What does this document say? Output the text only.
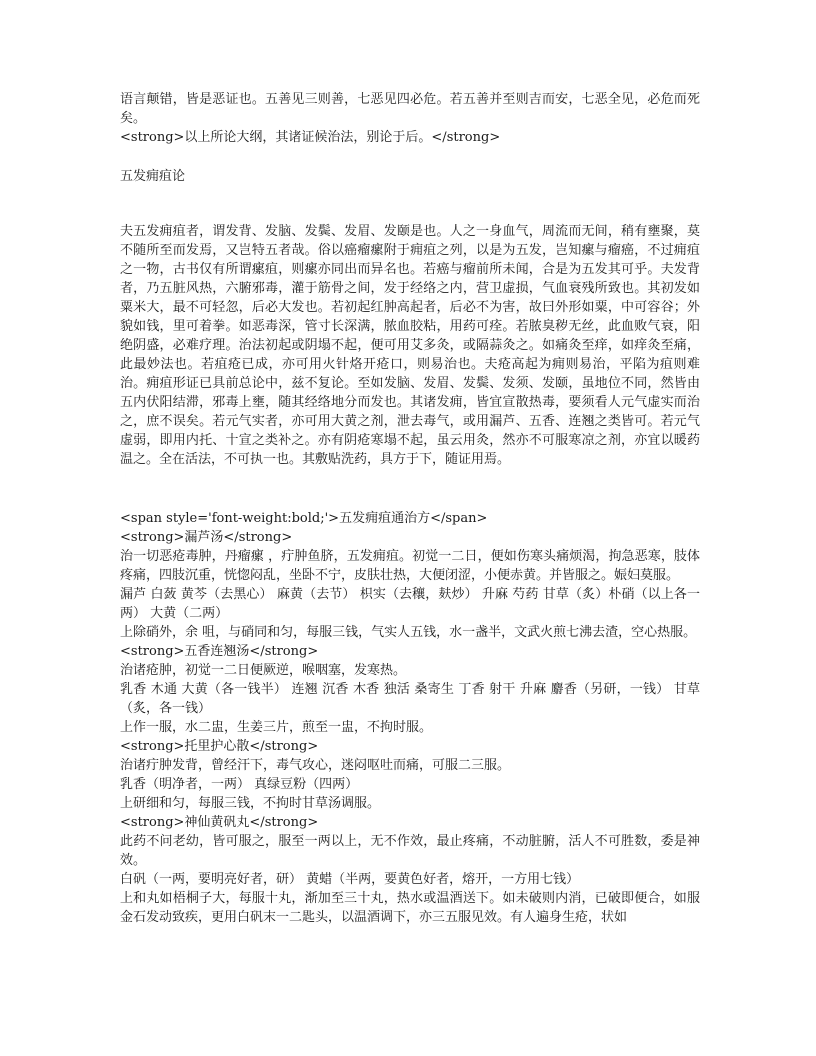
语言颠错，皆是恶证也。五善见三则善，七恶见四必危。若五善并至则吉而安，七恶全见，必危而死矣。

<strong>以上所论大纲，其诸证候治法，别论于后。</strong>

五发痈疽论

夫五发痈疽者，谓发背、发脑、发鬓、发眉、发颐是也。人之一身血气，周流而无间，稍有壅聚，莫不随所至而发焉，又岂特五者哉。俗以癌瘤瘰附于痈疽之列，以是为五发，岂知瘰与瘤癌，不过痈疽之一物，古书仅有所谓瘰疽，则瘰亦同出而异名也。若癌与瘤前所未闻，合是为五发其可乎。夫发背者，乃五脏风热，六腑邪毒，灌于筋骨之间，发于经络之内，营卫虚损，气血衰残所致也。其初发如粟米大，最不可轻忽，后必大发也。若初起红肿高起者，后必不为害，故曰外形如粟，中可容谷；外貌如钱，里可着拳。如恶毒深，管寸长深满，脓血胶粘，用药可痊。若脓臭秽无丝，此血败气衰，阳绝阴盛，必难疗理。治法初起或阴塌不起，便可用艾多灸，或隔蒜灸之。如痛灸至痒，如痒灸至痛，此最妙法也。若疽疮已成，亦可用火针烙开疮口，则易治也。夫疮高起为痈则易治，平陷为疽则难治。痈疽形证已具前总论中，兹不复论。至如发脑、发眉、发鬓、发须、发颐，虽地位不同，然皆由五内伏阳结滞，邪毒上壅，随其经络地分而发也。其诸发痈，皆宜宣散热毒，要须看人元气虚实而治之，庶不误矣。若元气实者，亦可用大黄之剂，泄去毒气，或用漏芦、五香、连翘之类皆可。若元气虚弱，即用内托、十宣之类补之。亦有阴疮寒塌不起，虽云用灸，然亦不可服寒凉之剂，亦宜以暖药温之。全在活法，不可执一也。其敷贴洗药，具方于下，随证用焉。

<span style='font-weight:bold;'>五发痈疽通治方</span>

<strong>漏芦汤</strong>

治一切恶疮毒肿，丹瘤瘰 ，疔肿鱼脐，五发痈疽。初觉一二日，便如伤寒头痛烦渴，拘急恶寒，肢体疼痛，四肢沉重，恍惚闷乱，坐卧不宁，皮肤壮热，大便闭涩，小便赤黄。并皆服之。娠妇莫服。

漏芦 白蔹 黄芩（去黑心） 麻黄（去节） 枳实（去穰，麸炒） 升麻 芍药 甘草（炙）朴硝（以上各一两） 大黄（二两）

上除硝外，余 咀，与硝同和匀，每服三钱，气实人五钱，水一盏半，文武火煎七沸去渣，空心热服。

<strong>五香连翘汤</strong>

治诸疮肿，初觉一二日便厥逆，喉咽塞，发寒热。

乳香 木通 大黄（各一钱半） 连翘 沉香 木香 独活 桑寄生 丁香 射干 升麻 麝香（另研，一钱） 甘草（炙，各一钱）

上作一服，水二盅，生姜三片，煎至一盅，不拘时服。

<strong>托里护心散</strong>

治诸疔肿发背，曾经汗下，毒气攻心，迷闷呕吐而痛，可服二三服。

乳香（明净者，一两） 真绿豆粉（四两）

上研细和匀，每服三钱，不拘时甘草汤调服。

<strong>神仙黄矾丸</strong>

此药不问老幼，皆可服之，服至一两以上，无不作效，最止疼痛，不动脏腑，活人不可胜数，委是神效。

白矾（一两，要明亮好者，研） 黄蜡（半两，要黄色好者，熔开，一方用七钱）

上和丸如梧桐子大，每服十丸，渐加至三十丸，热水或温酒送下。如未破则内消，已破即便合，如服金石发动致疾，更用白矾末一二匙头，以温酒调下，亦三五服见效。有人遍身生疮，状如
